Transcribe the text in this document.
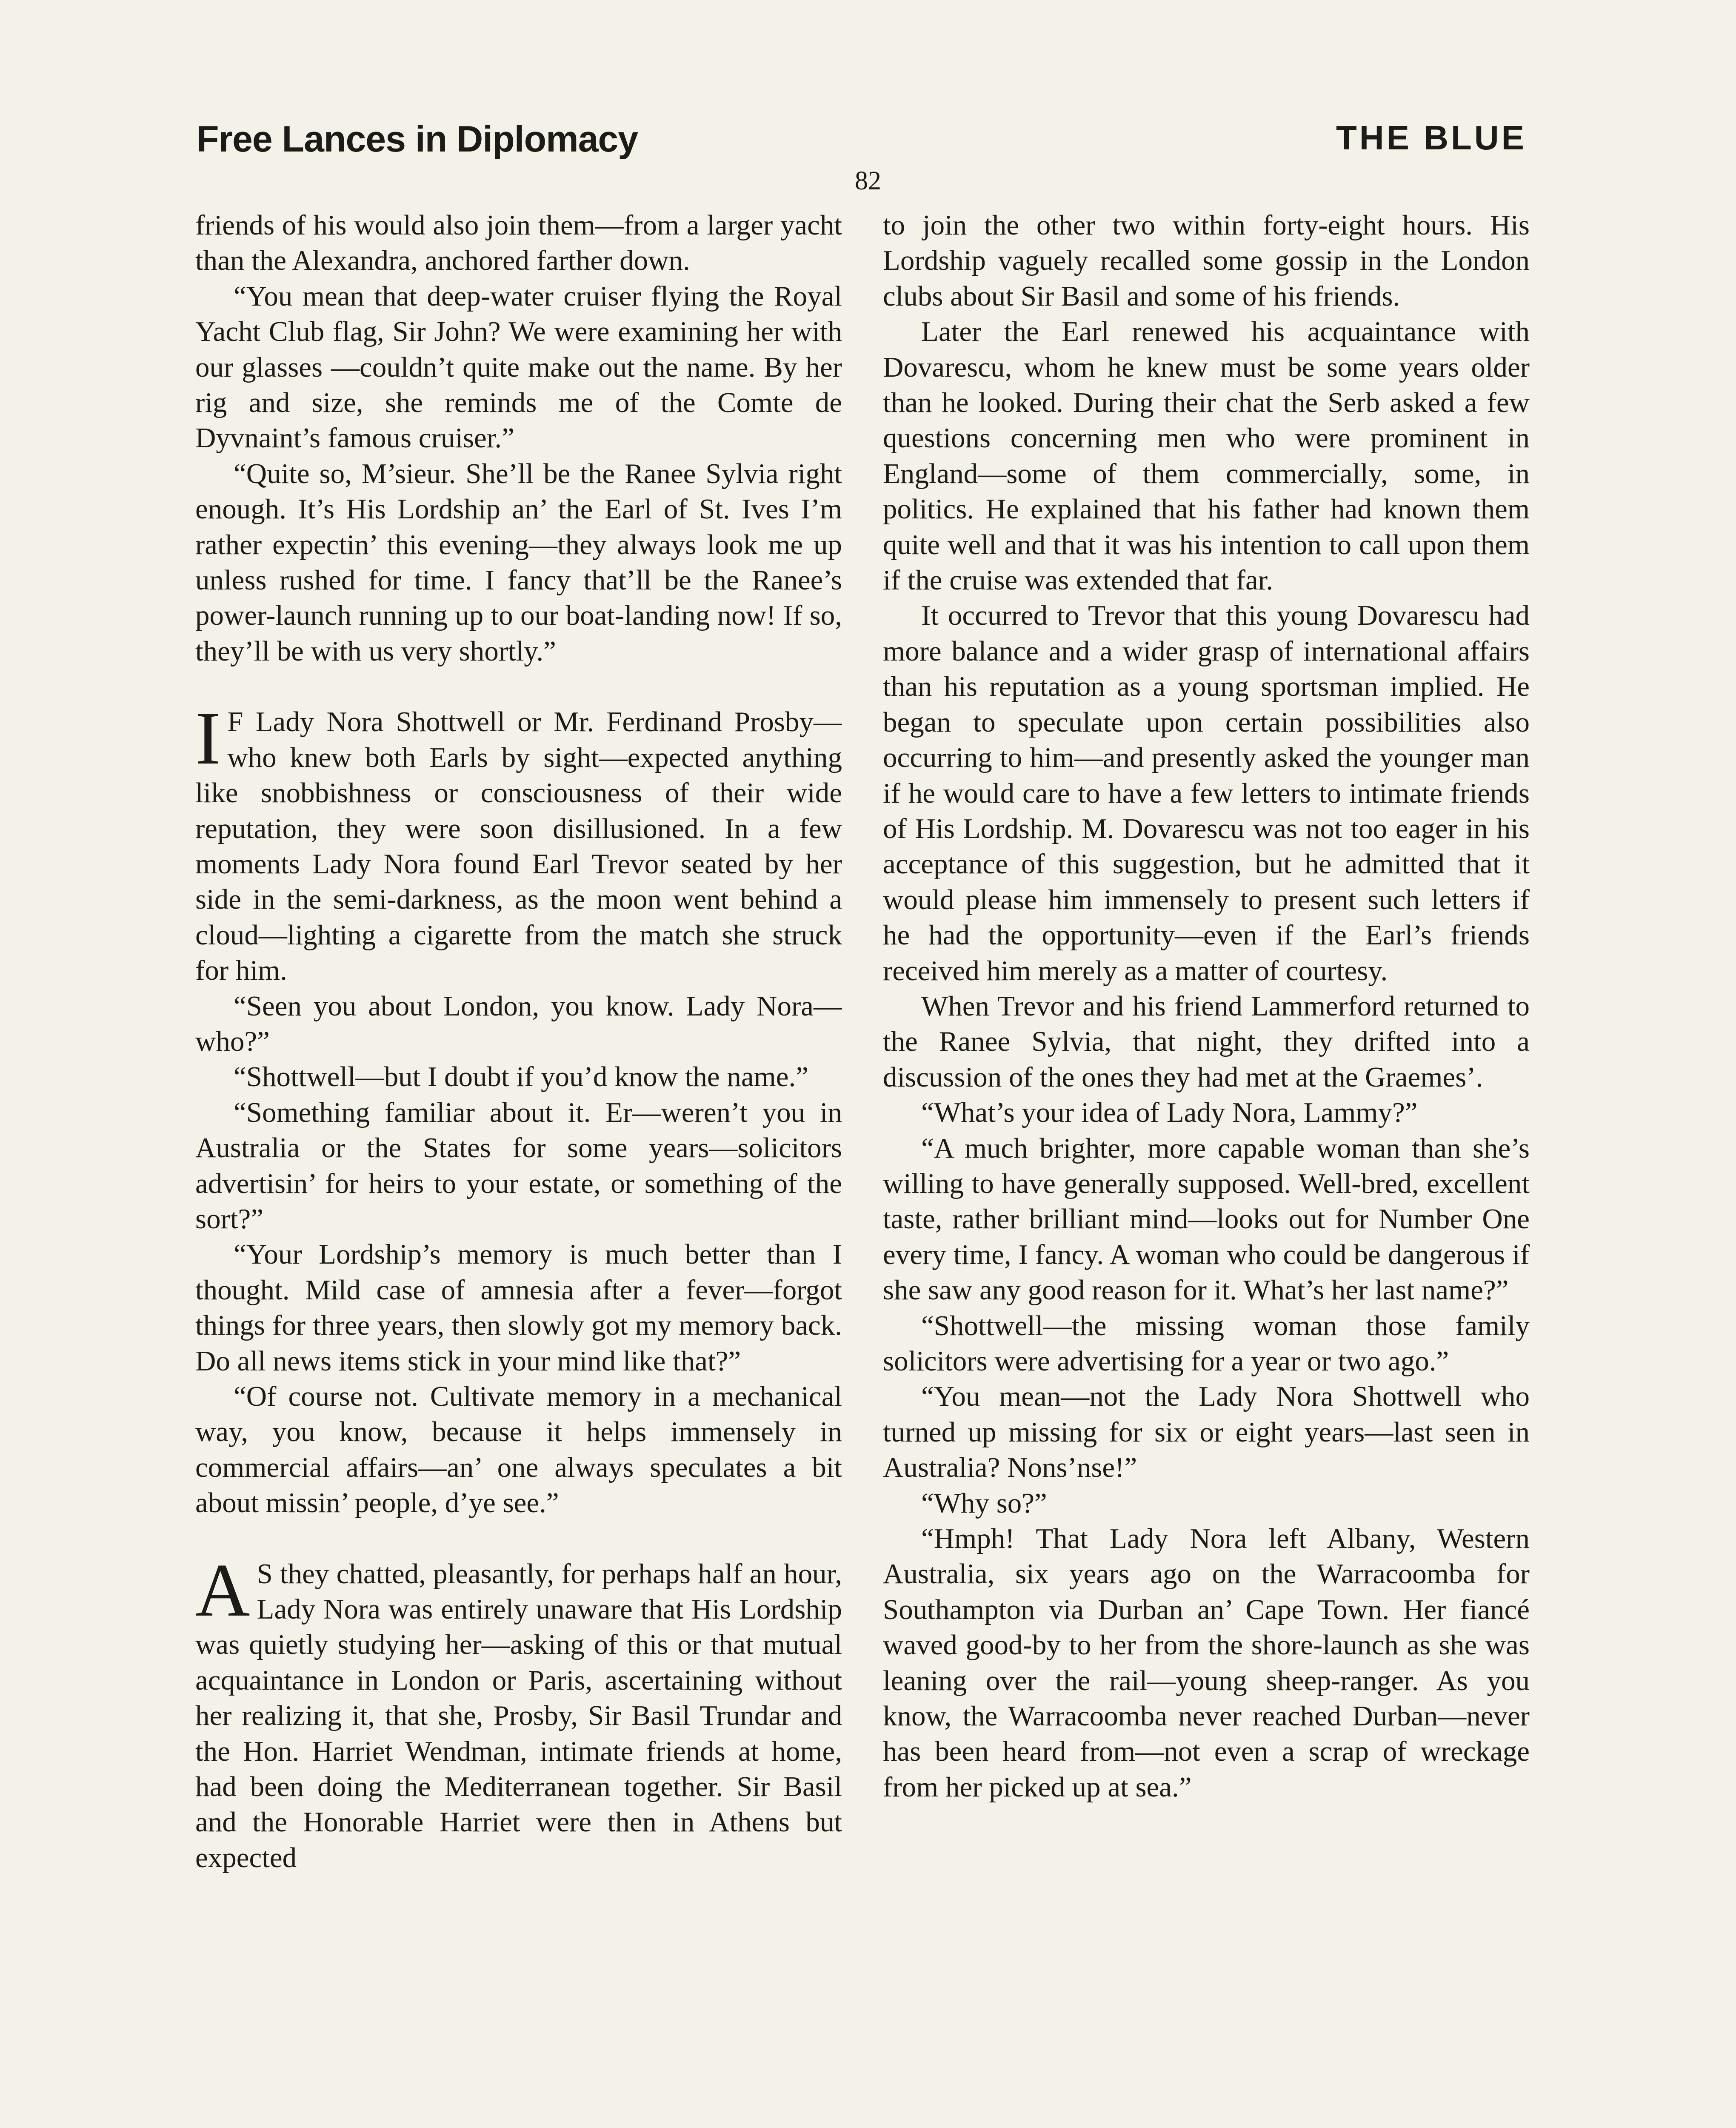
Free Lances in Diplomacy	THE BLUE
82

friends of his would also join them—from a larger yacht than the Alexandra, anchored farther down.

“You mean that deep-water cruiser flying the Royal Yacht Club flag, Sir John? We were examining her with our glasses —couldn’t quite make out the name. By her rig and size, she reminds me of the Comte de Dyvnaint’s famous cruiser.”

“Quite so, M’sieur. She’ll be the Ranee Sylvia right enough. It’s His Lordship an’ the Earl of St. Ives I’m rather expectin’ this evening—they always look me up unless rushed for time. I fancy that’ll be the Ranee’s power-launch running up to our boat-landing now! If so, they’ll be with us very shortly.”

I F Lady Nora Shottwell or Mr. Ferdinand Prosby—who knew both Earls by sight—expected anything like snobbishness or consciousness of their wide reputation, they were soon disillusioned. In a few moments Lady Nora found Earl Trevor seated by her side in the semi-darkness, as the moon went behind a cloud—lighting a cigarette from the match she struck for him.

“Seen you about London, you know. Lady Nora—who?”

“Shottwell—but I doubt if you’d know the name.”

“Something familiar about it. Er—weren’t you in Australia or the States for some years—solicitors advertisin’ for heirs to your estate, or something of the sort?”

“Your Lordship’s memory is much better than I thought. Mild case of amnesia after a fever—forgot things for three years, then slowly got my memory back. Do all news items stick in your mind like that?”

“Of course not. Cultivate memory in a mechanical way, you know, because it helps immensely in commercial affairs—an’ one always speculates a bit about missin’ people, d’ye see.”

A S they chatted, pleasantly, for perhaps half an hour, Lady Nora was entirely unaware that His Lordship was quietly studying her—asking of this or that mutual acquaintance in London or Paris, ascertaining without her realizing it, that she, Prosby, Sir Basil Trundar and the Hon. Harriet Wendman, intimate friends at home, had been doing the Mediterranean together. Sir Basil and the Honorable Harriet were then in Athens but expected

to join the other two within forty-eight hours. His Lordship vaguely recalled some gossip in the London clubs about Sir Basil and some of his friends.

Later the Earl renewed his acquaintance with Dovarescu, whom he knew must be some years older than he looked. During their chat the Serb asked a few questions concerning men who were prominent in England—some of them commercially, some, in politics. He explained that his father had known them quite well and that it was his intention to call upon them if the cruise was extended that far.

It occurred to Trevor that this young Dovarescu had more balance and a wider grasp of international affairs than his reputation as a young sportsman implied. He began to speculate upon certain possibilities also occurring to him—and presently asked the younger man if he would care to have a few letters to intimate friends of His Lordship. M. Dovarescu was not too eager in his acceptance of this suggestion, but he admitted that it would please him immensely to present such letters if he had the opportunity—even if the Earl’s friends received him merely as a matter of courtesy.

When Trevor and his friend Lammerford returned to the Ranee Sylvia, that night, they drifted into a discussion of the ones they had met at the Graemes’.

“What’s your idea of Lady Nora, Lammy?”

“A much brighter, more capable woman than she’s willing to have generally supposed. Well-bred, excellent taste, rather brilliant mind—looks out for Number One every time, I fancy. A woman who could be dangerous if she saw any good reason for it. What’s her last name?”

“Shottwell—the missing woman those family solicitors were advertising for a year or two ago.”

“You mean—not the Lady Nora Shottwell who turned up missing for six or eight years—last seen in Australia? Nons’nse!”

“Why so?”

“Hmph! That Lady Nora left Albany, Western Australia, six years ago on the Warracoomba for Southampton via Durban an’ Cape Town. Her fiancé waved good-by to her from the shore-launch as she was leaning over the rail—young sheep-ranger. As you know, the Warracoomba never reached Durban—never has been heard from—not even a scrap of wreckage from her picked up at sea.”
